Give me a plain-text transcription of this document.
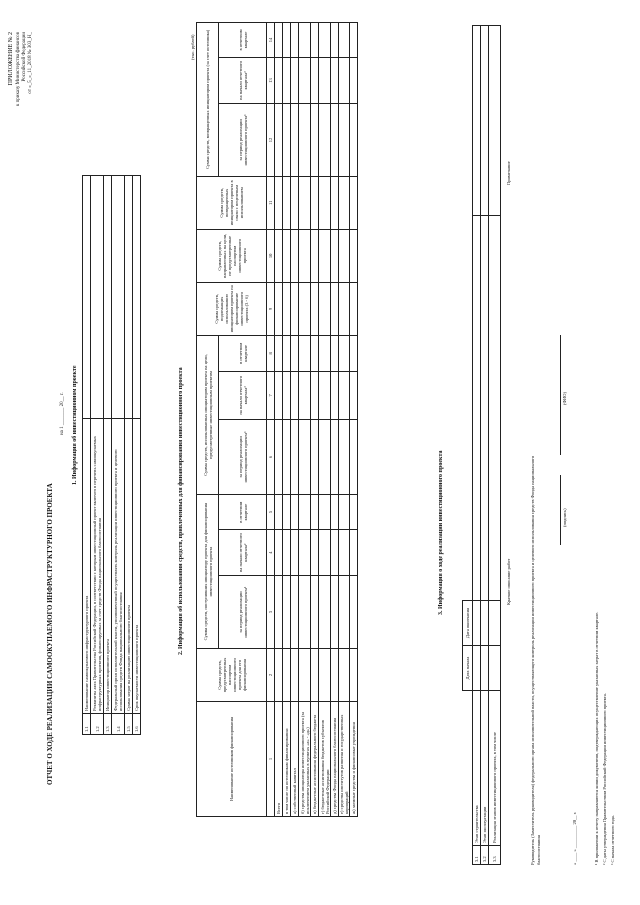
ПРИЛОЖЕНИЕ № 2 к приказу Министерства финансов Российской Федерации от «_5_»_11_2018 № 303_Н_
ОТЧЕТ О ХОДЕ РЕАЛИЗАЦИИ САМООКУПАЕМОГО ИНФРАСТРУКТУРНОГО ПРОЕКТА
на 1 _______ 20__ г. 1. Информация об инвестиционном проекте
1.1	Наименование самоокупаемого инфраструктурного проекта	
1.2	Реквизиты акта Правительства Российской Федерации, в соответствии с которым инвестиционный проект включен в перечень самоокупаемых инфраструктурных проектов, финансируемых за счет средств Фонда национального благосостояния	
1.3	Инициатор инвестиционного проекта	
1.4	Федеральный орган исполнительной власти, уполномоченный осуществлять контроль реализации инвестиционного проекта и целевого использования средств Фонда национального благосостояния	
1.5	Сумма затрат на реализацию инвестиционного проекта	
1.6	Срок окупаемости инвестиционного проекта	
2. Информация об использовании средств, привлеченных для финансирования инвестиционного проекта
(тыс. рублей)
Наименование источников финансирования	Сумма средств, предусмотренных паспортом инвестиционного проекта для его финансирования	Сумма средств, поступивших инициатору проекта для финансирования инвестиционного проекта			Сумма средств, использованных инициатором проекта на цели, предусмотренные инвестиционным проектом			Сумма средств, подлежащих использованию инициатором проекта на финансирование инвестиционного проекта (3 - 6)	Сумма средств, направленных на цели, не предусмотренные паспортом инвестиционного проекта	Сумма средств, возвращенных инициатором проекта в связи с нецелевым использованием	Сумма средств, возвращенных инициатором проекта (за счет источника)		
		за период реализации инвестиционного проекта¹	на начало отчетного квартала²	в отчетном квартале	за период реализации инвестиционного проекта¹	на начало отчетного квартала²	в отчетном квартале				за период реализации инвестиционного проекта¹	на начало отчетного квартала²	в отчетном квартале
1	2	3	4	5	6	7	8	9	10	11	12	13	14
Всего													
в том числе по источникам финансирования:													
а) собственный капитал													
б) средства инициатора инвестиционного проекта (за исключением указанных в пунктах «а» - «д»)													
в) бюджетные ассигнования федерального бюджета													
г) бюджетные ассигнования бюджетов субъектов Российской Федерации													
д) средства Фонда национального благосостояния													
е) средства институтов развития и государственных корпораций													
ж) заемные средства и финансовые учреждения													
3. Информация о ходе реализации инвестиционного проекта
		Дата начала	Дата окончания		
3.1	Этап строительства				
3.2	Этап эксплуатации				
3.3	Реализация этапов инвестиционного проекта, в том числе				
Краткое описание работ
Примечание
Руководитель (Заместитель руководителя) федерального органа исполнительной власти, осуществляющего контроль реализации инвестиционного проекта и целевого использования средств Фонда национального благосостояния
(подпись)
(ФИО)
« ____ » __________ 20__ г.	¹ В приложении к отчету направляются копии документов, подтверждающих осуществление указанных затрат в отчетном квартале. ² С даты утверждения Правительством Российской Федерации инвестиционного проекта. ³ С начала отчетного года.
